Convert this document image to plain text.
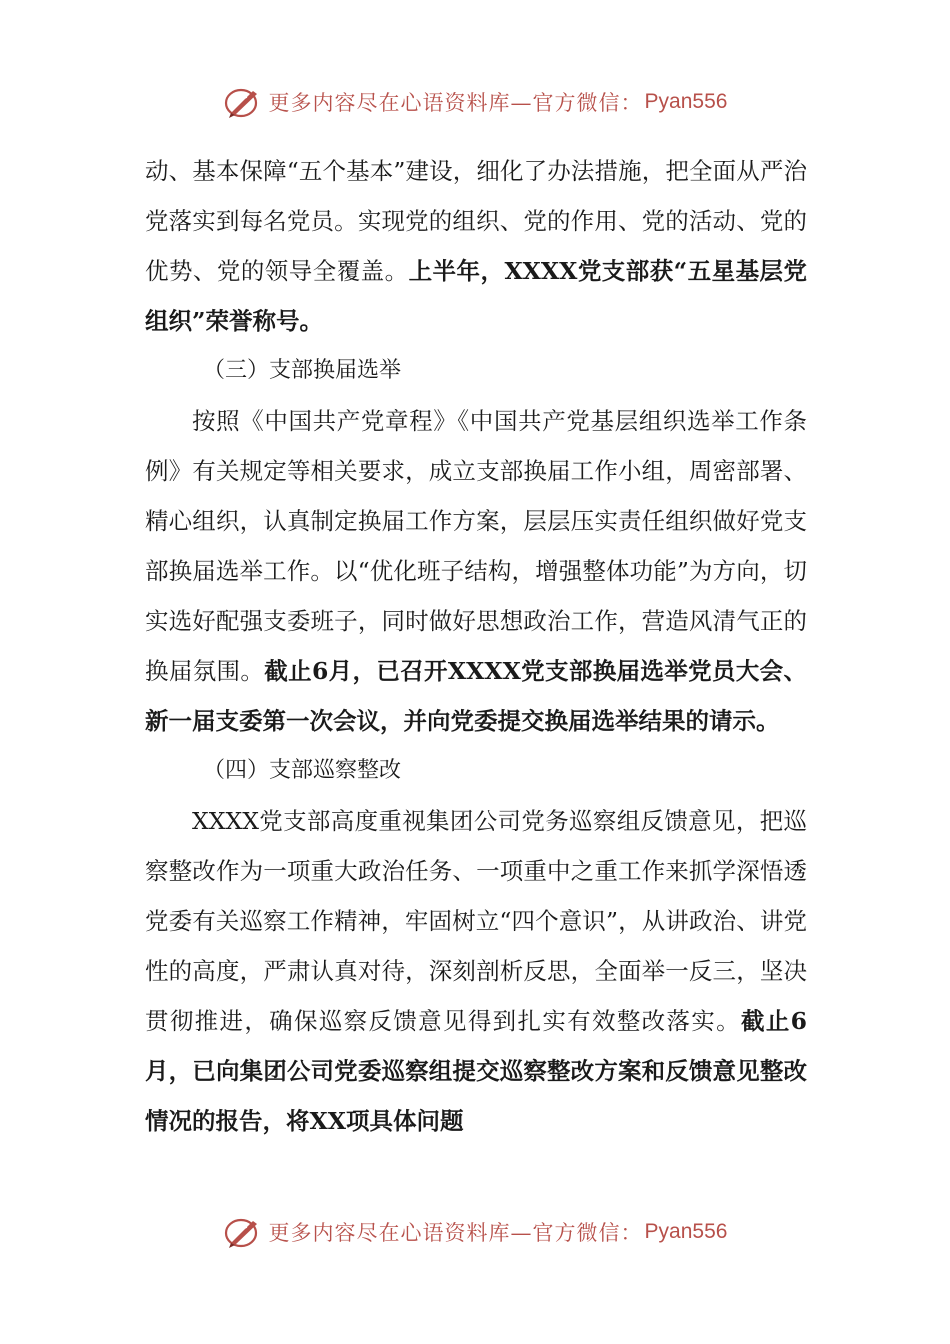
更多内容尽在心语资料库—官方微信： Pyan556

动、基本保障“五个基本”建设，细化了办法措施，把全面从严治党落实到每名党员。实现党的组织、党的作用、党的活动、党的优势、党的领导全覆盖。上半年，XXXX党支部获“五星基层党组织”荣誉称号。

（三）支部换届选举

按照《中国共产党章程》《中国共产党基层组织选举工作条例》有关规定等相关要求，成立支部换届工作小组，周密部署、精心组织，认真制定换届工作方案，层层压实责任组织做好党支部换届选举工作。以“优化班子结构，增强整体功能”为方向，切实选好配强支委班子，同时做好思想政治工作，营造风清气正的换届氛围。截止6月，已召开XXXX党支部换届选举党员大会、新一届支委第一次会议，并向党委提交换届选举结果的请示。

（四）支部巡察整改

XXXX党支部高度重视集团公司党务巡察组反馈意见，把巡察整改作为一项重大政治任务、一项重中之重工作来抓学深悟透党委有关巡察工作精神，牢固树立“四个意识”，从讲政治、讲党性的高度，严肃认真对待，深刻剖析反思，全面举一反三，坚决贯彻推进，确保巡察反馈意见得到扎实有效整改落实。截止6月，已向集团公司党委巡察组提交巡察整改方案和反馈意见整改情况的报告，将XX项具体问题

更多内容尽在心语资料库—官方微信： Pyan556
